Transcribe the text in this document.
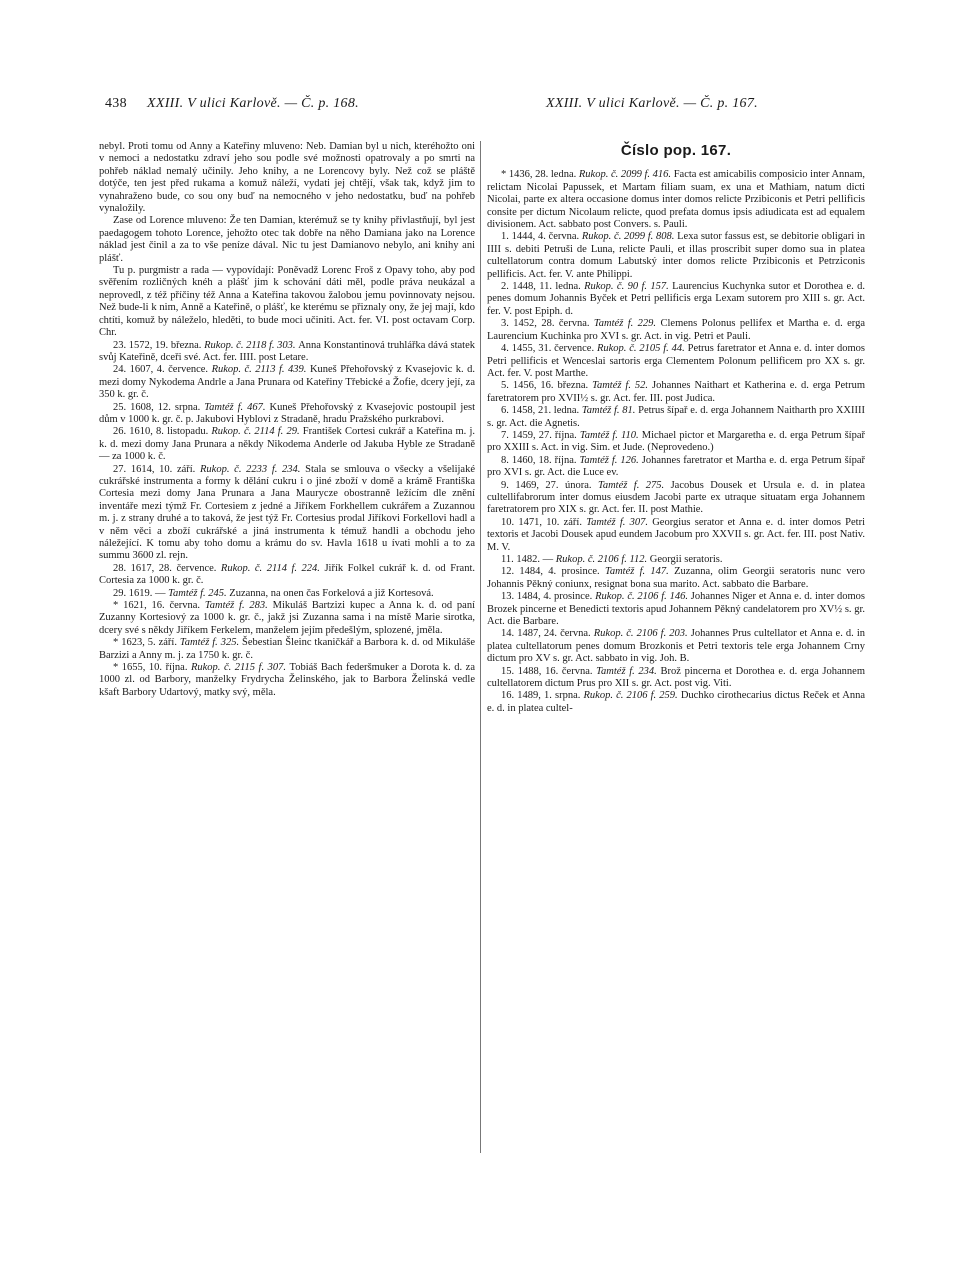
438 XXIII. V ulici Karlově. — Č. p. 168.	XXIII. V ulici Karlově. — Č. p. 167.

nebyl. Proti tomu od Anny a Kateřiny mluveno: Neb. Damian byl u nich, kteréhožto oni v nemoci a nedostatku zdraví jeho sou podle své možnosti opatrovaly a po smrti na pohřeb náklad nemalý učinily. Jeho knihy, a ne Lorencovy byly. Než což se pláště dotýče, ten jest před rukama a komuž náleží, vydati jej chtějí, však tak, když jim to vynahraženo bude, co sou ony buď na nemocného v jeho nedostatku, buď na pohřeb vynaložily.

Zase od Lorence mluveno: Že ten Damian, kterémuž se ty knihy přivlastňují, byl jest paedagogem tohoto Lorence, jehožto otec tak dobře na něho Damiana jako na Lorence náklad jest činil a za to vše peníze dával. Nic tu jest Damianovo nebylo, ani knihy ani plášť.

Tu p. purgmistr a rada — vypovídají: Poněvadž Lorenc Froš z Opavy toho, aby pod svěřením rozličných knéh a plášť jim k schování dáti měl, podle práva neukázal a neprovedl, z též příčiny též Anna a Kateřina takovou žalobou jemu povinnovaty nejsou. Než bude-li k nim, Anně a Kateřině, o plášť, ke kterému se přiznaly ony, že jej mají, kdo chtíti, komuž by náleželo, hleděti, to bude moci učiniti. Act. fer. VI. post octavam Corp. Chr.

23. 1572, 19. března. Rukop. č. 2118 f. 303. Anna Konstantinová truhlářka dává statek svůj Kateřině, dceři své. Act. fer. IIII. post Letare.

24. 1607, 4. července. Rukop. č. 2113 f. 439. Kuneš Přehořovský z Kvasejovic k. d. mezi domy Nykodema Andrle a Jana Prunara od Kateřiny Třebické a Žofie, dcery její, za 350 k. gr. č.

25. 1608, 12. srpna. Tamtéž f. 467. Kuneš Přehořovský z Kvasejovic postoupil jest dům v 1000 k. gr. č. p. Jakubovi Hyblovi z Stradaně, hradu Pražského purkrabovi.

26. 1610, 8. listopadu. Rukop. č. 2114 f. 29. František Cortesi cukrář a Kateřina m. j. k. d. mezi domy Jana Prunara a někdy Nikodema Anderle od Jakuba Hyble ze Stradaně — za 1000 k. č.

27. 1614, 10. září. Rukop. č. 2233 f. 234. Stala se smlouva o všecky a všelijaké cukrářské instrumenta a formy k dělání cukru i o jiné zboží v domě a krámě Františka Cortesia mezi domy Jana Prunara a Jana Maurycze obostranně ležícím dle znění inventáře mezi týmž Fr. Cortesiem z jedné a Jiříkem Forkhellem cukrářem a Zuzannou m. j. z strany druhé a to taková, že jest týž Fr. Cortesius prodal Jiříkovi Forkellovi hadl a v něm věci a zboží cukrářské a jiná instrumenta k témuž handli a obchodu jeho náležející. K tomu aby toho domu a krámu do sv. Havla 1618 u ívati mohli a to za summu 3600 zl. rejn.

28. 1617, 28. července. Rukop. č. 2114 f. 224. Jiřík Folkel cukrář k. d. od Frant. Cortesia za 1000 k. gr. č.

29. 1619. — Tamtéž f. 245. Zuzanna, na onen čas Forkelová a již Kortesová.

* 1621, 16. června. Tamtéž f. 283. Mikuláš Bartzizi kupec a Anna k. d. od paní Zuzanny Kortesiový za 1000 k. gr. č., jakž jsi Zuzanna sama i na místě Marie sirotka, dcery své s někdy Jiříkem Ferkelem, manželem jejím předešlým, splozené, jměla.

* 1623, 5. září. Tamtéž f. 325. Šebestian Šleinc tkaničkář a Barbora k. d. od Mikuláše Barzizi a Anny m. j. za 1750 k. gr. č.

* 1655, 10. října. Rukop. č. 2115 f. 307. Tobiáš Bach federšmuker a Dorota k. d. za 1000 zl. od Barbory, manželky Frydrycha Želinského, jak to Barbora Želinská vedle kšaft Barbory Udartový, matky svý, měla.

Číslo pop. 167.

* 1436, 28. ledna. Rukop. č. 2099 f. 416. Facta est amicabilis composicio inter Annam, relictam Nicolai Papussek, et Martam filiam suam, ex una et Mathiam, natum dicti Nicolai, parte ex altera occasione domus inter domos relicte Przibiconis et Petri pellificis consite per dictum Nicolaum relicte, quod prefata domus ipsis adiudicata est ad equalem divisionem. Act. sabbato post Convers. s. Pauli.

1. 1444, 4. června. Rukop. č. 2099 f. 808. Lexa sutor fassus est, se debitorie obligari in IIII s. debiti Petruši de Luna, relicte Pauli, et illas proscribit super domo sua in platea cultellatorum contra domum Labutský inter domos relicte Przibiconis et Petrziconis pellificis. Act. fer. V. ante Philippi.

2. 1448, 11. ledna. Rukop. č. 90 f. 157. Laurencius Kuchynka sutor et Dorothea e. d. penes domum Johannis Byček et Petri pellificis erga Lexam sutorem pro XIII s. gr. Act. fer. V. post Epiph. d.

3. 1452, 28. června. Tamtéž f. 229. Clemens Polonus pellifex et Martha e. d. erga Laurencium Kuchinka pro XVI s. gr. Act. in vig. Petri et Pauli.

4. 1455, 31. července. Rukop. č. 2105 f. 44. Petrus faretrator et Anna e. d. inter domos Petri pellificis et Wenceslai sartoris erga Clementem Polonum pellificem pro XX s. gr. Act. fer. V. post Marthe.

5. 1456, 16. března. Tamtéž f. 52. Johannes Naithart et Katherina e. d. erga Petrum faretratorem pro XVII½ s. gr. Act. fer. III. post Judica.

6. 1458, 21. ledna. Tamtéž f. 81. Petrus šípař e. d. erga Johannem Naitharth pro XXIIII s. gr. Act. die Agnetis.

7. 1459, 27. října. Tamtéž f. 110. Michael pictor et Margaretha e. d. erga Petrum šípař pro XXIII s. Act. in vig. Sim. et Jude. (Neprovedeno.)

8. 1460, 18. října. Tamtéž f. 126. Johannes faretrator et Martha e. d. erga Petrum šípař pro XVI s. gr. Act. die Luce ev.

9. 1469, 27. února. Tamtéž f. 275. Jacobus Dousek et Ursula e. d. in platea cultellifabrorum inter domus eiusdem Jacobi parte ex utraque situatam erga Johannem faretratorem pro XIX s. gr. Act. fer. II. post Mathie.

10. 1471, 10. září. Tamtéž f. 307. Georgius serator et Anna e. d. inter domos Petri textoris et Jacobi Dousek apud eundem Jacobum pro XXVII s. gr. Act. fer. III. post Nativ. M. V.

11. 1482. — Rukop. č. 2106 f. 112. Georgii seratoris.

12. 1484, 4. prosince. Tamtéž f. 147. Zuzanna, olim Georgii seratoris nunc vero Johannis Pěkný coniunx, resignat bona sua marito. Act. sabbato die Barbare.

13. 1484, 4. prosince. Rukop. č. 2106 f. 146. Johannes Niger et Anna e. d. inter domos Brozek pincerne et Benedicti textoris apud Johannem Pěkný candelatorem pro XV½ s. gr. Act. die Barbare.

14. 1487, 24. června. Rukop. č. 2106 f. 203. Johannes Prus cultellator et Anna e. d. in platea cultellatorum penes domum Brozkonis et Petri textoris tele erga Johannem Crny dictum pro XV s. gr. Act. sabbato in vig. Joh. B.

15. 1488, 16. června. Tamtéž f. 234. Brož pincerna et Dorothea e. d. erga Johannem cultellatorem dictum Prus pro XII s. gr. Act. post vig. Viti.

16. 1489, 1. srpna. Rukop. č. 2106 f. 259. Duchko cirothecarius dictus Reček et Anna e. d. in platea cultel-
